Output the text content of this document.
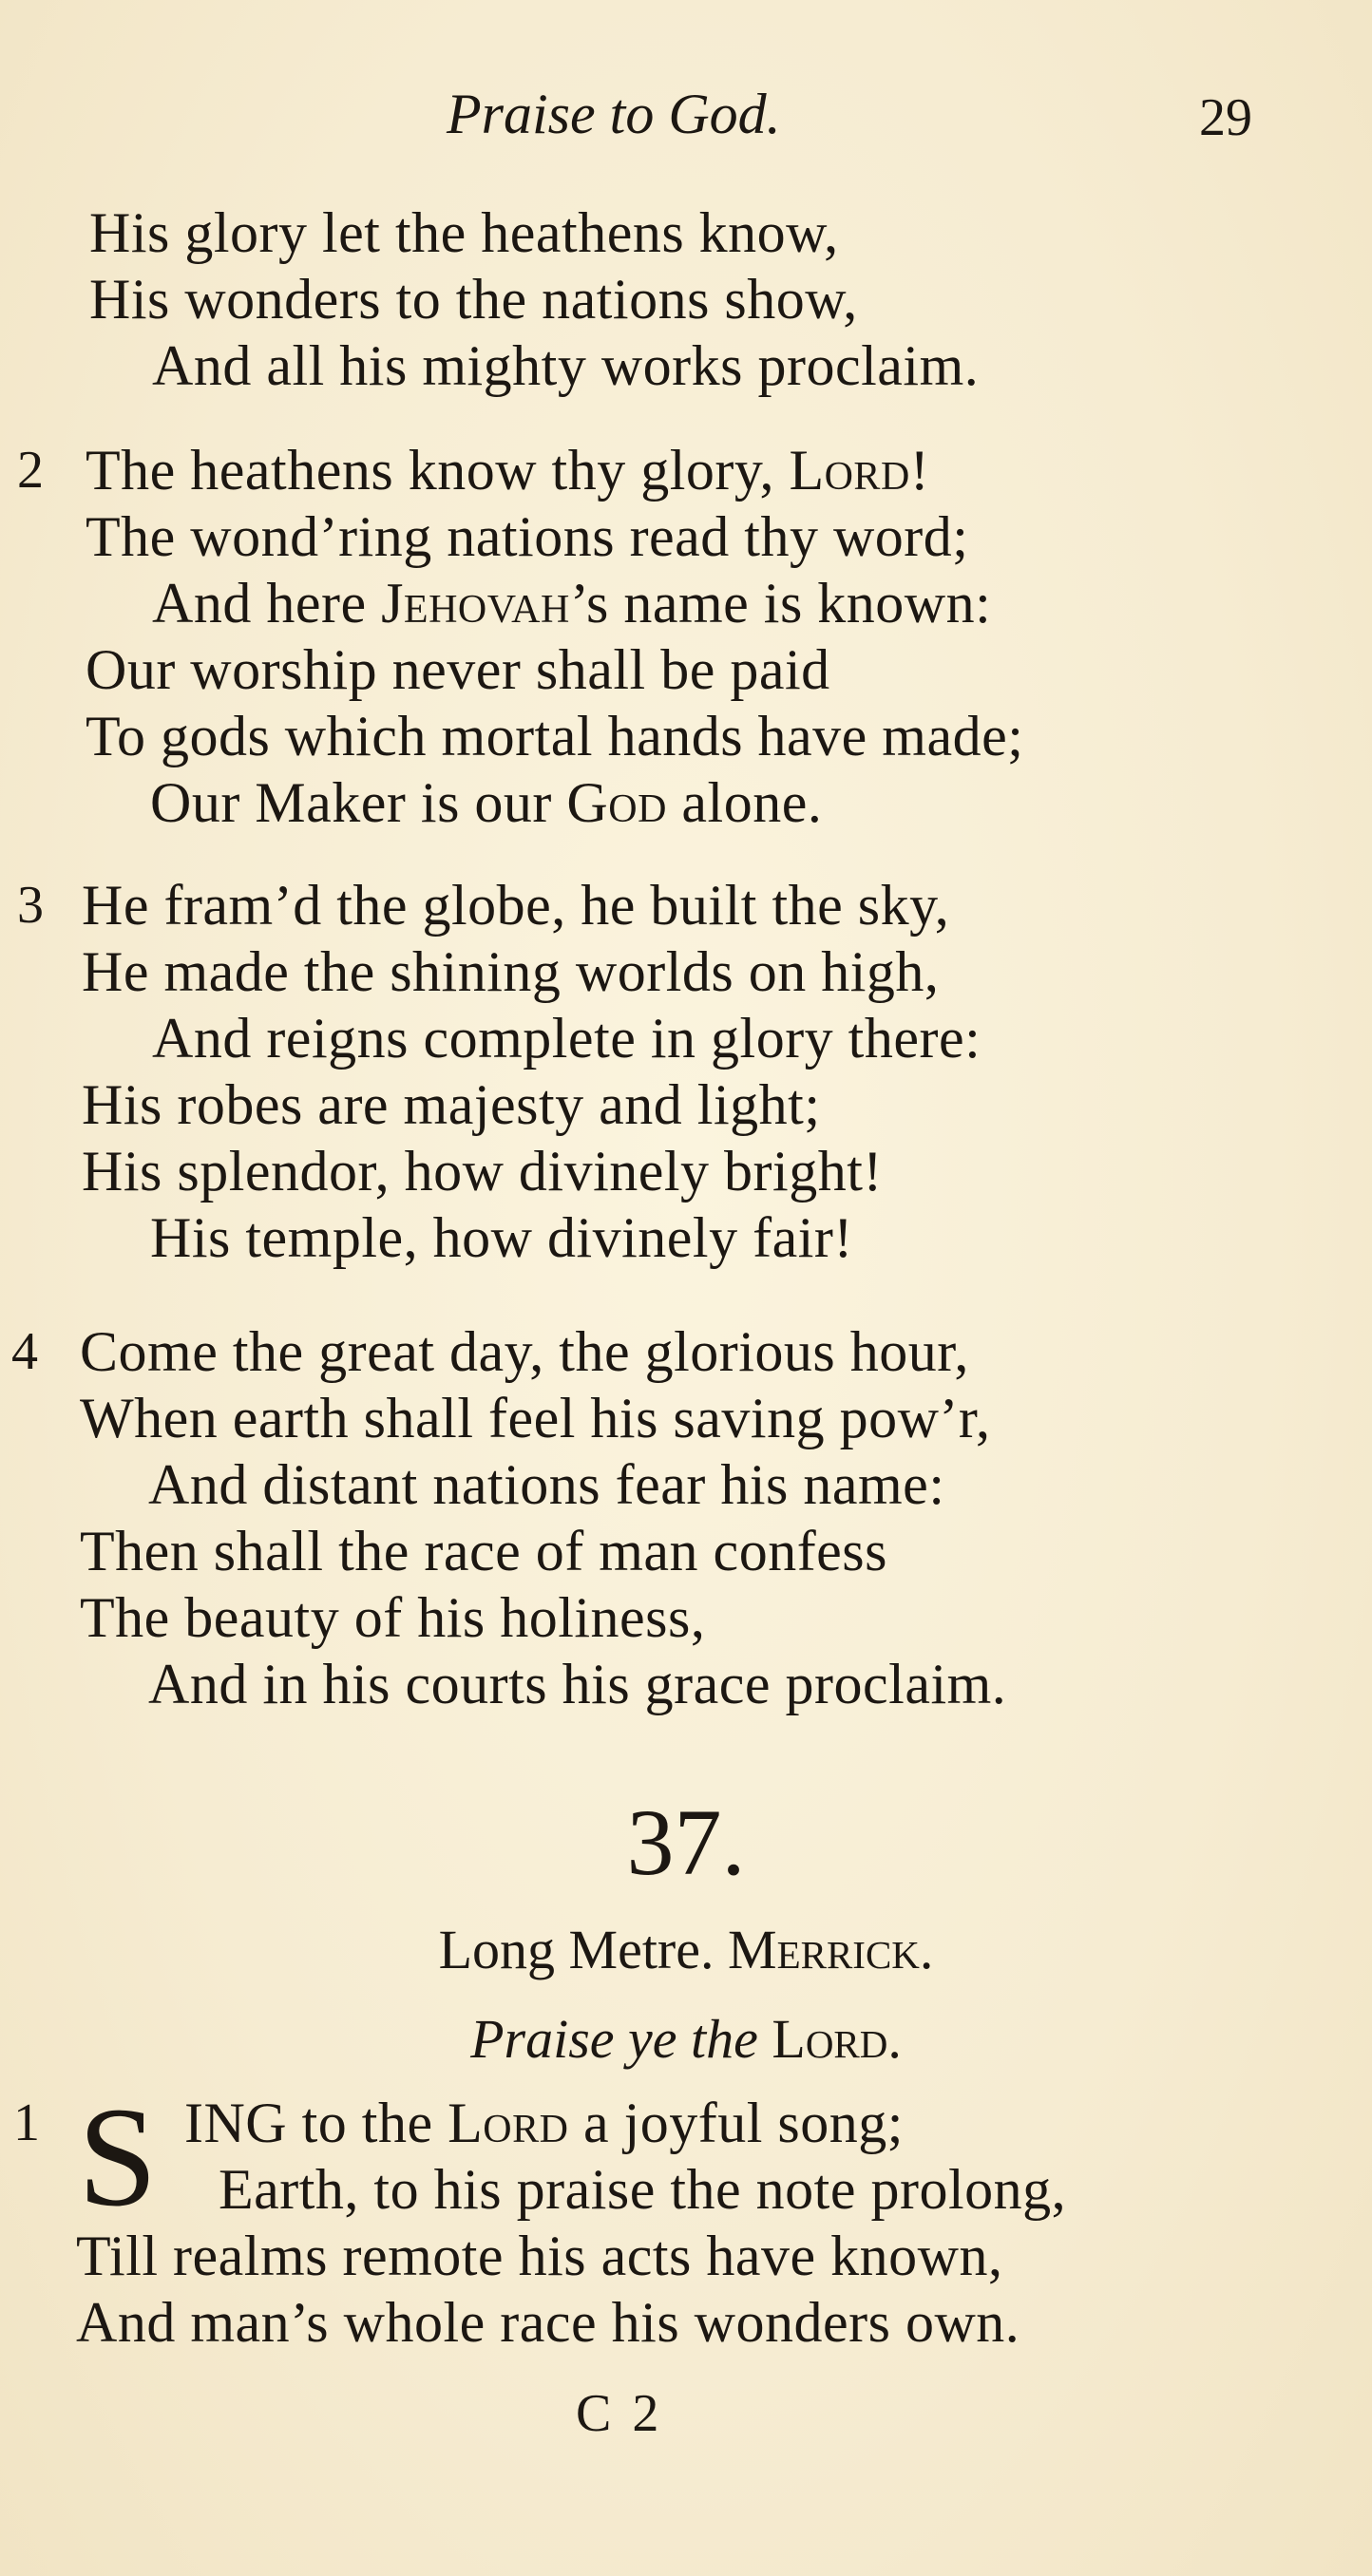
Praise to God.	29
His glory let the heathens know,
His wonders to the nations show,
And all his mighty works proclaim.
2 The heathens know thy glory, Lord!
The wond’ring nations read thy word;
And here Jehovah’s name is known:
Our worship never shall be paid
To gods which mortal hands have made;
Our Maker is our God alone.
3 He fram’d the globe, he built the sky,
He made the shining worlds on high,
And reigns complete in glory there:
His robes are majesty and light;
His splendor, how divinely bright!
His temple, how divinely fair!
4 Come the great day, the glorious hour,
When earth shall feel his saving pow’r,
And distant nations fear his name:
Then shall the race of man confess
The beauty of his holiness,
And in his courts his grace proclaim.
37.
Long Metre. Merrick.
Praise ye the Lord.
1 S ING to the Lord a joyful song;
Earth, to his praise the note prolong,
Till realms remote his acts have known,
And man’s whole race his wonders own.
C 2
